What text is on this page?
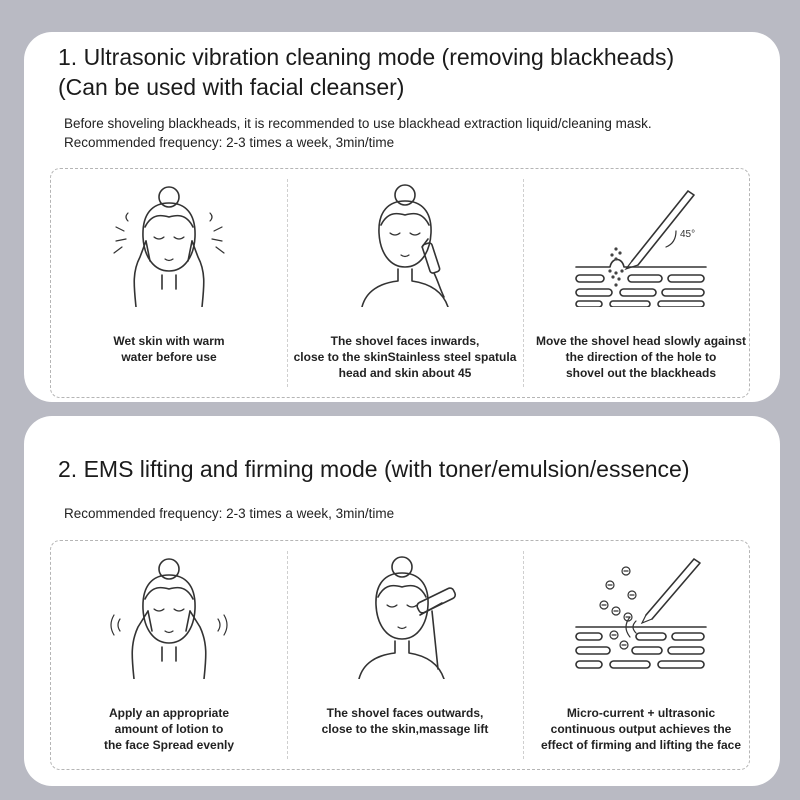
1. Ultrasonic vibration cleaning mode (removing blackheads)
(Can be used with facial cleanser)
Before shoveling blackheads, it is recommended to use blackhead extraction liquid/cleaning mask.
Recommended frequency: 2-3 times a week, 3min/time
Wet skin with warm
water before use
The shovel faces inwards,
close to the skinStainless steel spatula
head and skin about 45
45°
Move the shovel head slowly against
the direction of the hole to
shovel out the blackheads
2. EMS lifting and firming mode (with toner/emulsion/essence)
Recommended frequency: 2-3 times a week, 3min/time
Apply an appropriate
amount of lotion to
the face Spread evenly
The shovel faces outwards,
close to the skin,massage lift
Micro-current + ultrasonic
continuous output achieves the
effect of firming and lifting the face
